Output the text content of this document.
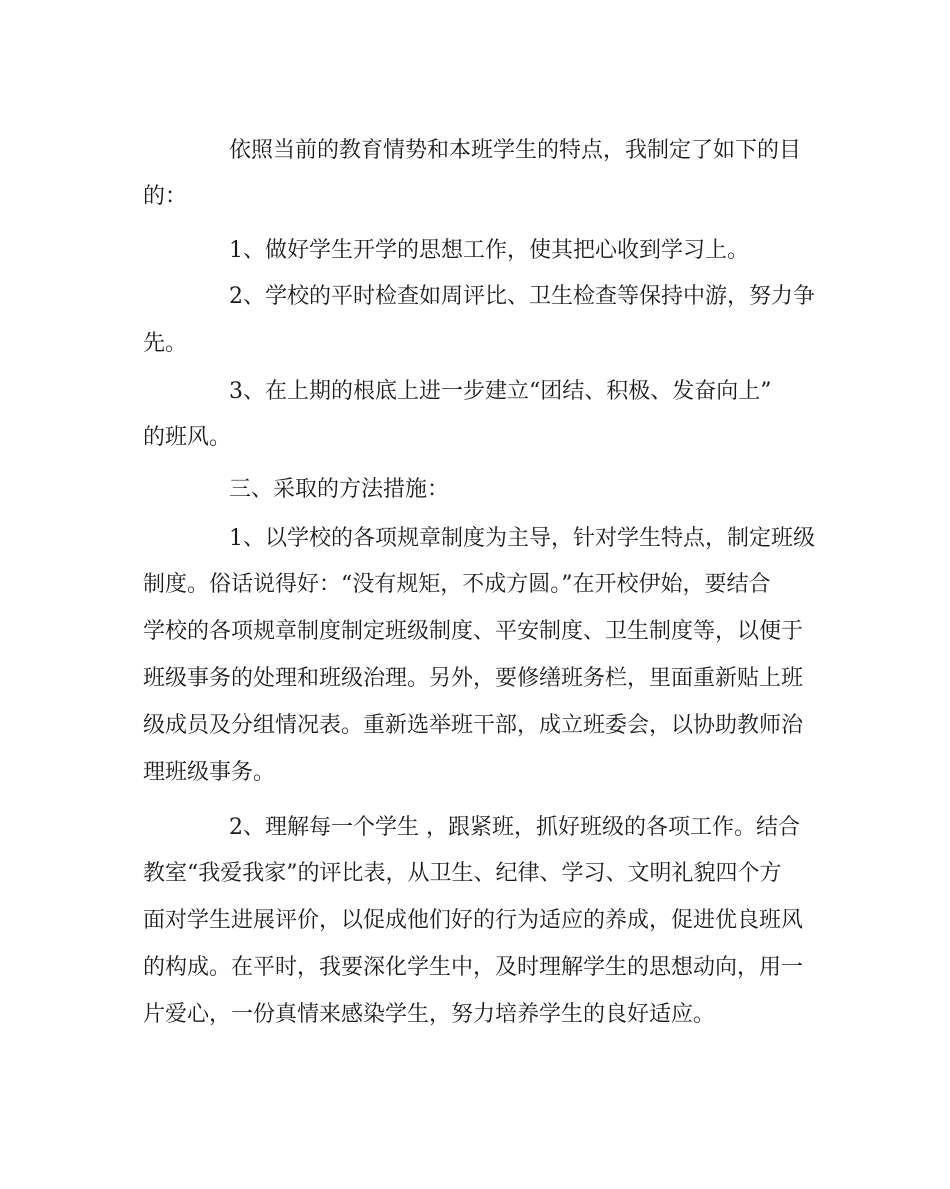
依照当前的教育情势和本班学生的特点，我制定了如下的目
的：
1、做好学生开学的思想工作，使其把心收到学习上。
2、学校的平时检查如周评比、卫生检查等保持中游，努力争
先。
3、在上期的根底上进一步建立“团结、积极、发奋向上”
的班风。
三、采取的方法措施：
1、以学校的各项规章制度为主导，针对学生特点，制定班级
制度。俗话说得好：“没有规矩，不成方圆。”在开校伊始，要结合
学校的各项规章制度制定班级制度、平安制度、卫生制度等，以便于
班级事务的处理和班级治理。另外，要修缮班务栏，里面重新贴上班
级成员及分组情况表。重新选举班干部，成立班委会，以协助教师治
理班级事务。
2、理解每一个学生 ，跟紧班，抓好班级的各项工作。结合
教室“我爱我家”的评比表，从卫生、纪律、学习、文明礼貌四个方
面对学生进展评价，以促成他们好的行为适应的养成，促进优良班风
的构成。在平时，我要深化学生中，及时理解学生的思想动向，用一
片爱心，一份真情来感染学生，努力培养学生的良好适应。
